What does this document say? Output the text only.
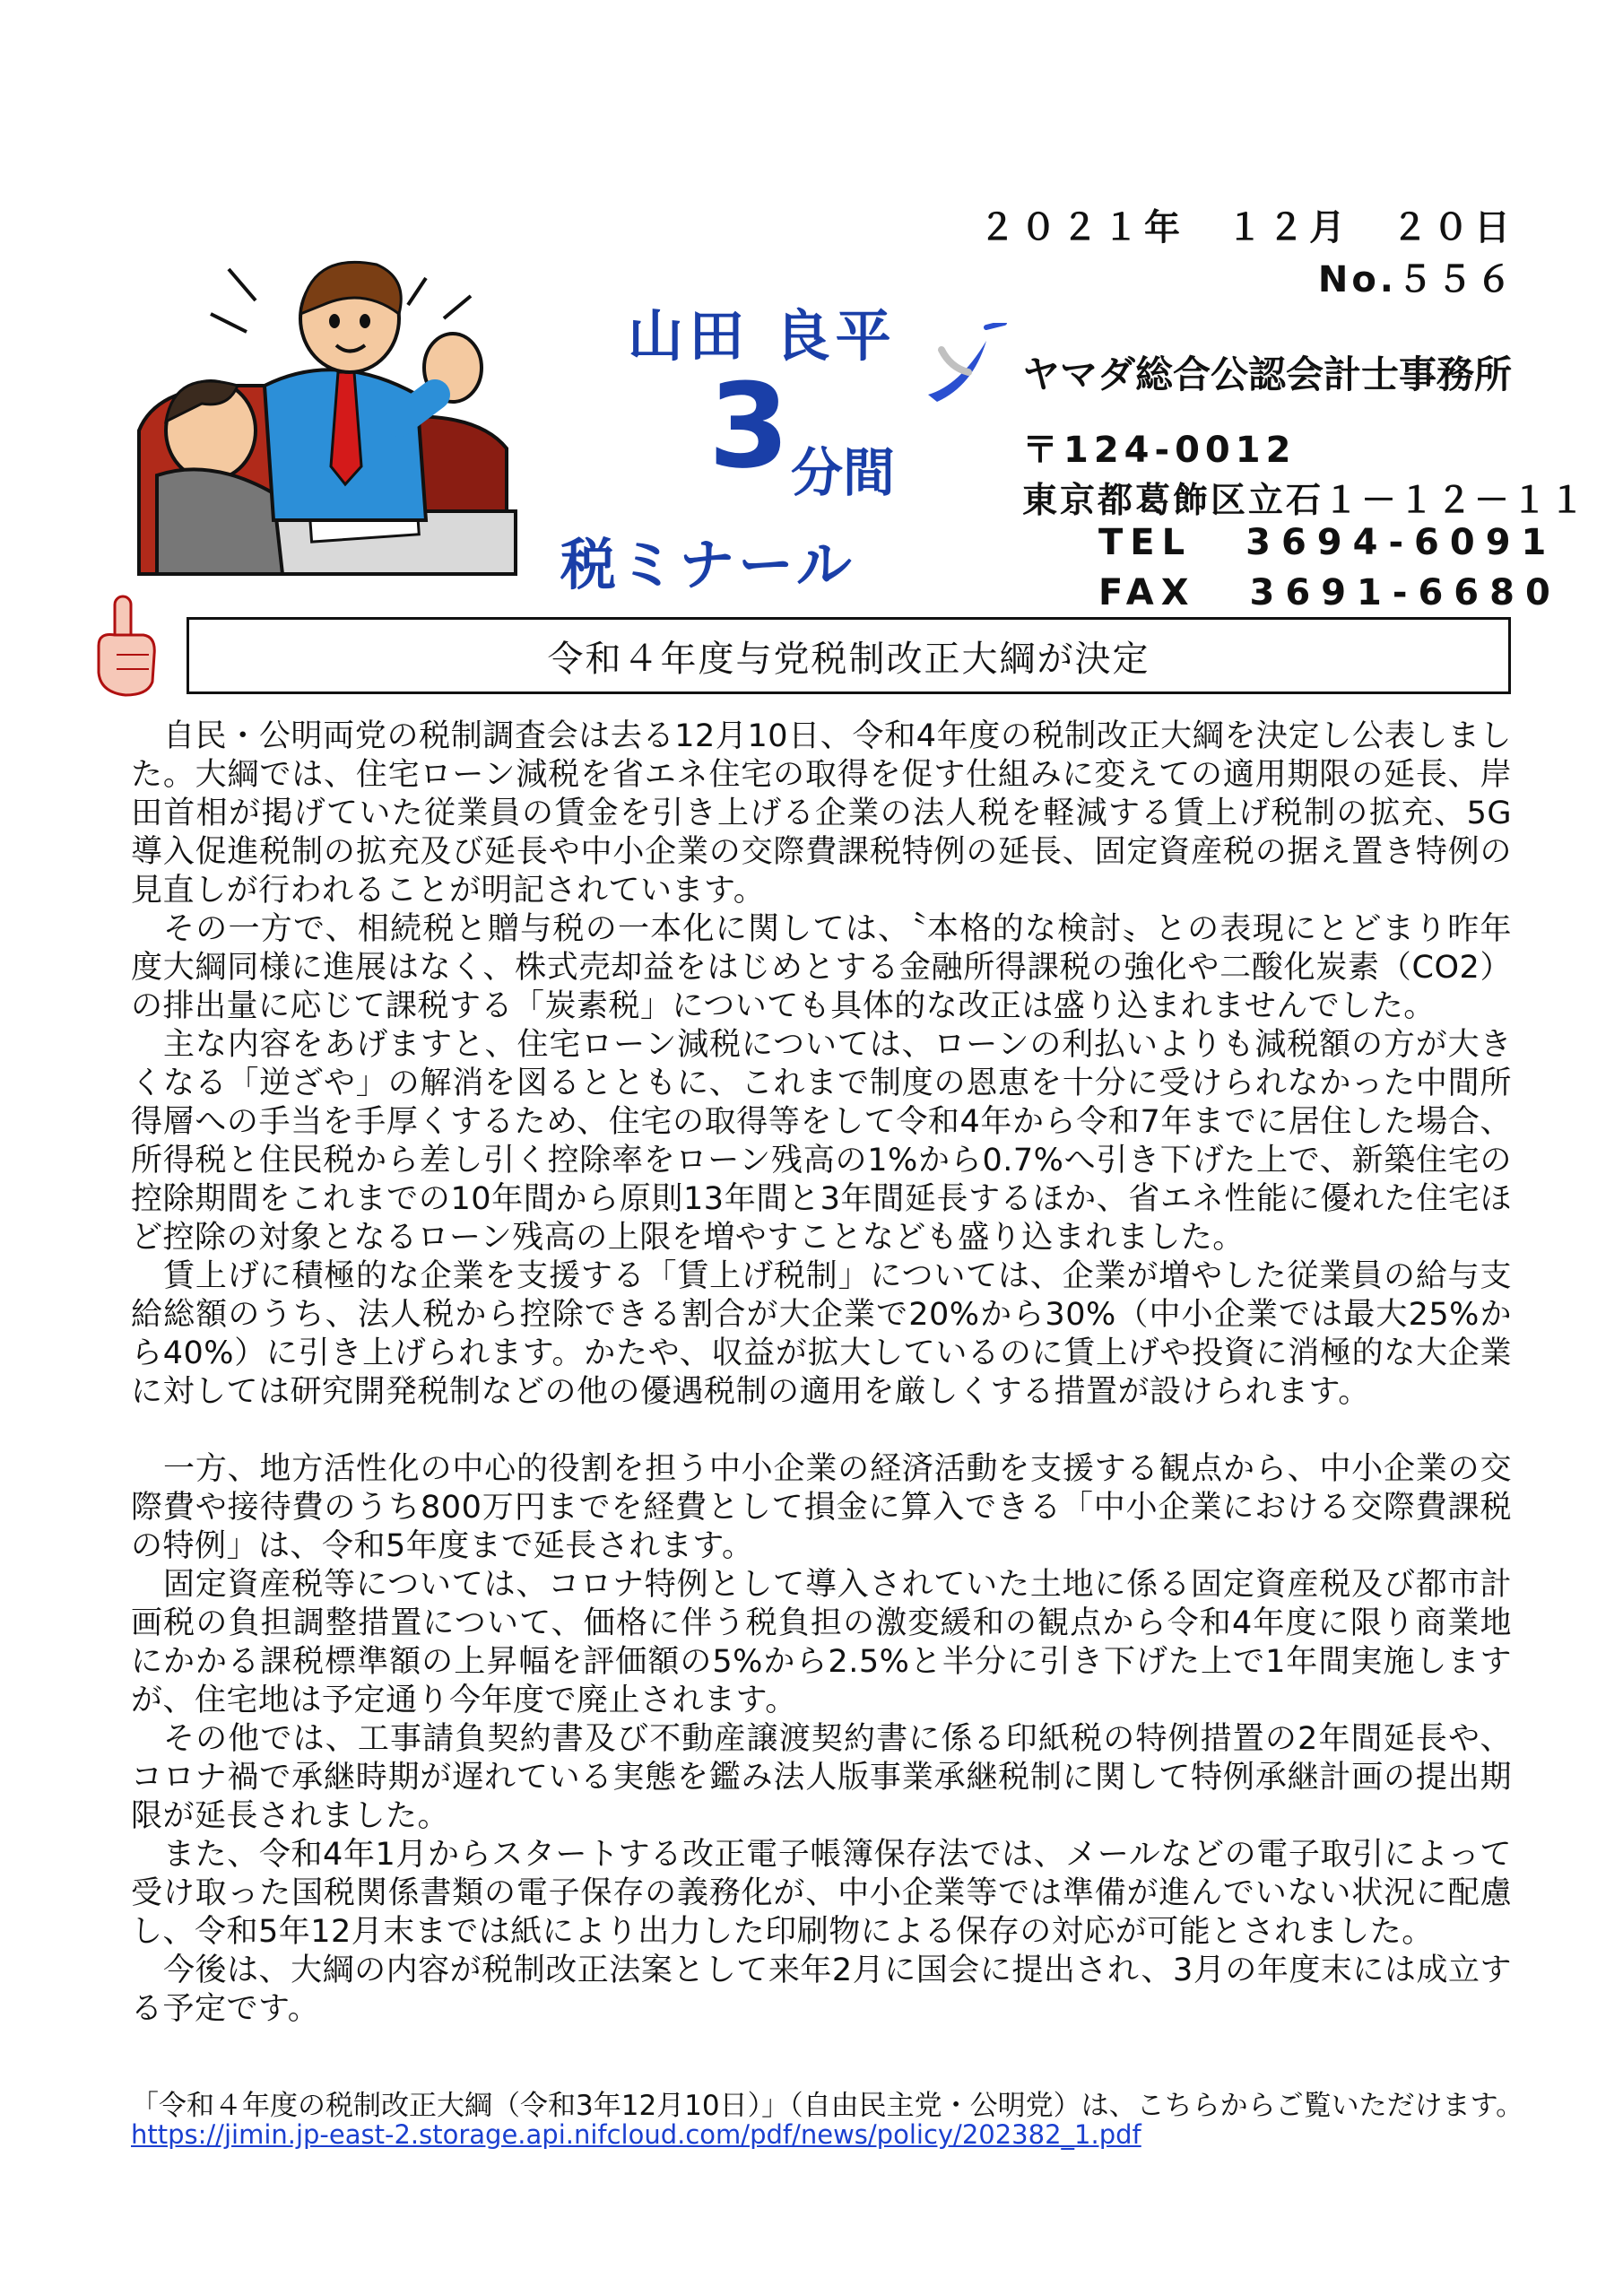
山田 良平
3 分間
税ミナール
２０２１年　１２月　２０日
No.５５６
ヤマダ総合公認会計士事務所
〒124-0012
東京都葛飾区立石１－１２－１１
TEL 3694-6091
FAX 3691-6680
令和４年度与党税制改正大綱が決定

自民・公明両党の税制調査会は去る12月10日、令和4年度の税制改正大綱を決定し公表しました。大綱では、住宅ローン減税を省エネ住宅の取得を促す仕組みに変えての適用期限の延長、岸田首相が掲げていた従業員の賃金を引き上げる企業の法人税を軽減する賃上げ税制の拡充、5G導入促進税制の拡充及び延長や中小企業の交際費課税特例の延長、固定資産税の据え置き特例の見直しが行われることが明記されています。

その一方で、相続税と贈与税の一本化に関しては、〝本格的な検討〟との表現にとどまり昨年度大綱同様に進展はなく、株式売却益をはじめとする金融所得課税の強化や二酸化炭素（CO2）の排出量に応じて課税する「炭素税」についても具体的な改正は盛り込まれませんでした。

主な内容をあげますと、住宅ローン減税については、ローンの利払いよりも減税額の方が大きくなる「逆ざや」の解消を図るとともに、これまで制度の恩恵を十分に受けられなかった中間所得層への手当を手厚くするため、住宅の取得等をして令和4年から令和7年までに居住した場合、所得税と住民税から差し引く控除率をローン残高の1%から0.7%へ引き下げた上で、新築住宅の控除期間をこれまでの10年間から原則13年間と3年間延長するほか、省エネ性能に優れた住宅ほど控除の対象となるローン残高の上限を増やすことなども盛り込まれました。

賃上げに積極的な企業を支援する「賃上げ税制」については、企業が増やした従業員の給与支給総額のうち、法人税から控除できる割合が大企業で20%から30%（中小企業では最大25%から40%）に引き上げられます。かたや、収益が拡大しているのに賃上げや投資に消極的な大企業に対しては研究開発税制などの他の優遇税制の適用を厳しくする措置が設けられます。

一方、地方活性化の中心的役割を担う中小企業の経済活動を支援する観点から、中小企業の交際費や接待費のうち800万円までを経費として損金に算入できる「中小企業における交際費課税の特例」は、令和5年度まで延長されます。

固定資産税等については、コロナ特例として導入されていた土地に係る固定資産税及び都市計画税の負担調整措置について、価格に伴う税負担の激変緩和の観点から令和4年度に限り商業地にかかる課税標準額の上昇幅を評価額の5%から2.5%と半分に引き下げた上で1年間実施しますが、住宅地は予定通り今年度で廃止されます。

その他では、工事請負契約書及び不動産譲渡契約書に係る印紙税の特例措置の2年間延長や、コロナ禍で承継時期が遅れている実態を鑑み法人版事業承継税制に関して特例承継計画の提出期限が延長されました。

また、令和4年1月からスタートする改正電子帳簿保存法では、メールなどの電子取引によって受け取った国税関係書類の電子保存の義務化が、中小企業等では準備が進んでいない状況に配慮し、令和5年12月末までは紙により出力した印刷物による保存の対応が可能とされました。

今後は、大綱の内容が税制改正法案として来年2月に国会に提出され、3月の年度末には成立する予定です。

「令和４年度の税制改正大綱（令和3年12月10日）」（自由民主党・公明党）は、こちらからご覧いただけます。
https://jimin.jp-east-2.storage.api.nifcloud.com/pdf/news/policy/202382_1.pdf
